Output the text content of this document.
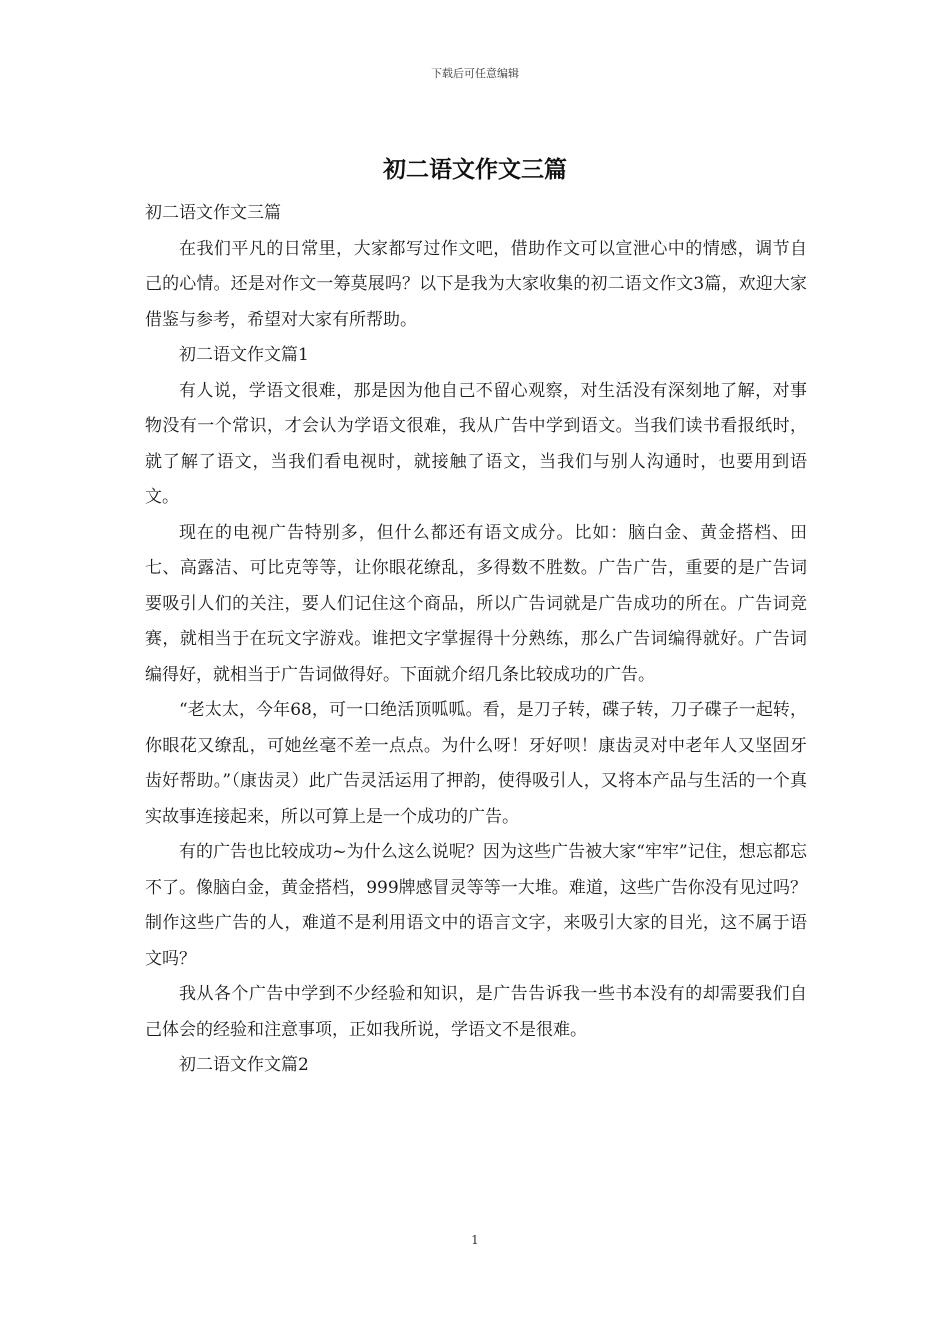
下载后可任意编辑
初二语文作文三篇

初二语文作文三篇

在我们平凡的日常里，大家都写过作文吧，借助作文可以宣泄心中的情感，调节自己的心情。还是对作文一筹莫展吗？以下是我为大家收集的初二语文作文3篇，欢迎大家借鉴与参考，希望对大家有所帮助。

初二语文作文篇1

有人说，学语文很难，那是因为他自己不留心观察，对生活没有深刻地了解，对事物没有一个常识，才会认为学语文很难，我从广告中学到语文。当我们读书看报纸时，就了解了语文，当我们看电视时，就接触了语文，当我们与别人沟通时，也要用到语文。

现在的电视广告特别多，但什么都还有语文成分。比如：脑白金、黄金搭档、田七、高露洁、可比克等等，让你眼花缭乱，多得数不胜数。广告广告，重要的是广告词要吸引人们的关注，要人们记住这个商品，所以广告词就是广告成功的所在。广告词竞赛，就相当于在玩文字游戏。谁把文字掌握得十分熟练，那么广告词编得就好。广告词编得好，就相当于广告词做得好。下面就介绍几条比较成功的广告。

“老太太，今年68，可一口绝活顶呱呱。看，是刀子转，碟子转，刀子碟子一起转，你眼花又缭乱，可她丝毫不差一点点。为什么呀！牙好呗！康齿灵对中老年人又坚固牙齿好帮助。”（康齿灵）此广告灵活运用了押韵，使得吸引人，又将本产品与生活的一个真实故事连接起来，所以可算上是一个成功的广告。

有的广告也比较成功~为什么这么说呢？因为这些广告被大家“牢牢”记住，想忘都忘不了。像脑白金，黄金搭档，999牌感冒灵等等一大堆。难道，这些广告你没有见过吗？制作这些广告的人，难道不是利用语文中的语言文字，来吸引大家的目光，这不属于语文吗？

我从各个广告中学到不少经验和知识，是广告告诉我一些书本没有的却需要我们自己体会的经验和注意事项，正如我所说，学语文不是很难。

初二语文作文篇2

1
